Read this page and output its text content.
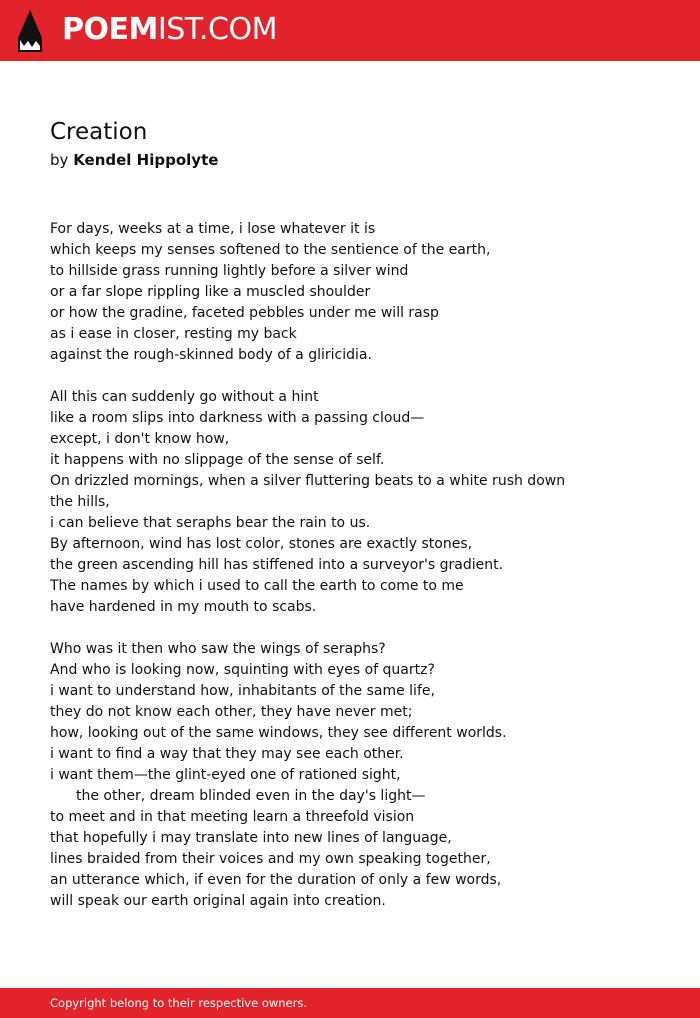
POEMIST.COM
Creation
by Kendel Hippolyte
For days, weeks at a time, i lose whatever it is
which keeps my senses softened to the sentience of the earth,
to hillside grass running lightly before a silver wind
or a far slope rippling like a muscled shoulder
or how the gradine, faceted pebbles under me will rasp
as i ease in closer, resting my back
against the rough-skinned body of a gliricidia.
All this can suddenly go without a hint
like a room slips into darkness with a passing cloud—
except, i don't know how,
it happens with no slippage of the sense of self.
On drizzled mornings, when a silver fluttering beats to a white rush down
the hills,
i can believe that seraphs bear the rain to us.
By afternoon, wind has lost color, stones are exactly stones,
the green ascending hill has stiffened into a surveyor's gradient.
The names by which i used to call the earth to come to me
have hardened in my mouth to scabs.
Who was it then who saw the wings of seraphs?
And who is looking now, squinting with eyes of quartz?
i want to understand how, inhabitants of the same life,
they do not know each other, they have never met;
how, looking out of the same windows, they see different worlds.
i want to find a way that they may see each other.
i want them—the glint-eyed one of rationed sight,
the other, dream blinded even in the day's light—
to meet and in that meeting learn a threefold vision
that hopefully i may translate into new lines of language,
lines braided from their voices and my own speaking together,
an utterance which, if even for the duration of only a few words,
will speak our earth original again into creation.
Copyright belong to their respective owners.
